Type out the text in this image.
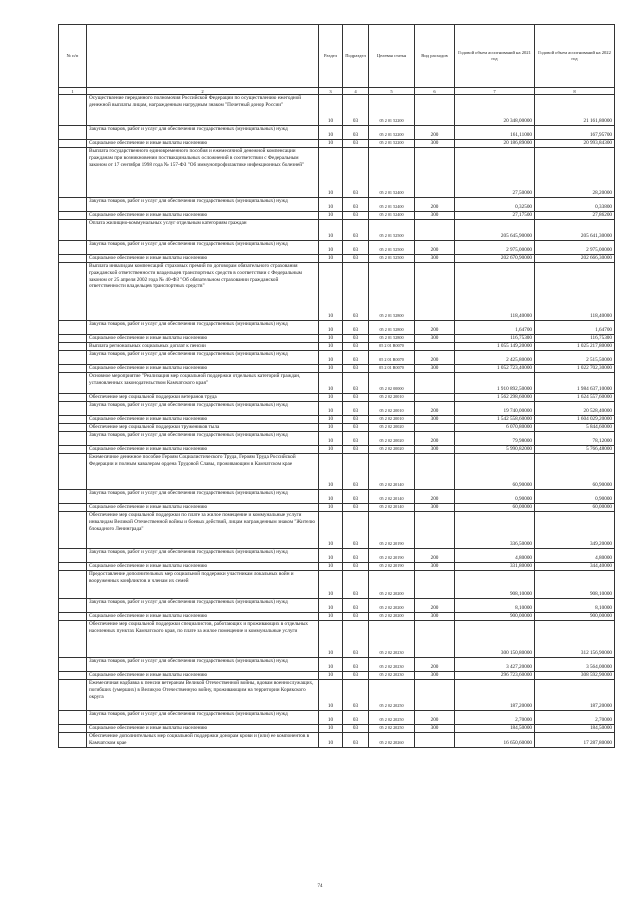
№ п/п		Раздел	Подраздел	Целевая статья	Вид расходов	Годовой объем ассигнований на 2021 год	Годовой объем ассигнований на 2022 год
1	2	3	4	5	6	7	8
	Осуществление переданного полномочия Российской Федерации по осуществлению ежегодной денежной выплаты лицам, награжденным нагрудным знаком "Почетный донор России"	10	03	05 2 01 52200		20 348,00000	21 161,80000
	Закупка товаров, работ и услуг для обеспечения государственных (муниципальных) нужд	10	03	05 2 01 52200	200	161,11000	167,95700
	Социальное обеспечение и иные выплаты населению	10	03	05 2 01 52200	300	20 186,89000	20 993,84300
	Выплата государственного единовременного пособия и ежемесячной денежной компенсации гражданам при возникновении поствакцинальных осложнений в соответствии с Федеральным законом от 17 сентября 1998 года № 157-ФЗ "Об иммунопрофилактике инфекционных болезней"	10	03	05 2 01 52400		27,50000	28,20000
	Закупка товаров, работ и услуг для обеспечения государственных (муниципальных) нужд	10	03	05 2 01 52400	200	0,32500	0,33800
	Социальное обеспечение и иные выплаты населению	10	03	05 2 01 52400	300	27,17500	27,86200
	Оплата жилищно-коммунальных услуг отдельным категориям граждан	10	03	05 2 01 52500		205 645,90000	205 641,30000
	Закупка товаров, работ и услуг для обеспечения государственных (муниципальных) нужд	10	03	05 2 01 52500	200	2 975,00000	2 975,00000
	Социальное обеспечение и иные выплаты населению	10	03	05 2 01 52500	300	202 670,90000	202 666,30000
	Выплата инвалидам компенсаций страховых премий по договорам обязательного страхования гражданской ответственности владельцев транспортных средств в соответствии с Федеральным законом от 25 апреля 2002 года № 40-ФЗ "Об обязательном страховании гражданской ответственности владельцев транспортных средств"	10	03	05 2 01 52800		118,40000	118,40000
	Закупка товаров, работ и услуг для обеспечения государственных (муниципальных) нужд	10	03	05 2 01 52800	200	1,64700	1,64700
	Социальное обеспечение и иные выплаты населению	10	03	05 2 01 52800	300	116,75300	116,75300
	Выплата региональных социальных доплат к пенсии	10	03	05 2 01 R0070		1 055 149,20000	1 025 217,80000
	Закупка товаров, работ и услуг для обеспечения государственных (муниципальных) нужд	10	03	05 2 01 R0070	200	2 425,80000	2 515,50000
	Социальное обеспечение и иные выплаты населению	10	03	05 2 01 R0070	300	1 052 723,40000	1 022 702,30000
	Основное мероприятие "Реализация мер социальной поддержки отдельных категорий граждан, установленных законодательством Камчатского края"	10	03	05 2 02 00000		1 910 892,50000	1 984 637,10000
	Обеспечение мер социальной поддержки ветеранов труда	10	03	05 2 02 20010		1 562 298,60000	1 624 557,60000
	Закупка товаров, работ и услуг для обеспечения государственных (муниципальных) нужд	10	03	05 2 02 20010	200	19 740,00000	20 528,40000
	Социальное обеспечение и иные выплаты населению	10	03	05 2 02 20010	300	1 542 558,60000	1 604 029,20000
	Обеспечение мер социальной поддержки тружеников тыла	10	03	05 2 02 20020		6 070,80000	5 844,60000
	Закупка товаров, работ и услуг для обеспечения государственных (муниципальных) нужд	10	03	05 2 02 20020	200	79,98000	78,12000
	Социальное обеспечение и иные выплаты населению	10	03	05 2 02 20020	300	5 990,82000	5 766,48000
	Ежемесячное денежное пособие Героям Социалистического Труда, Героям Труда Российской Федерации и полным кавалерам ордена Трудовой Славы, проживающим в Камчатском крае	10	03	05 2 02 20140		60,90000	60,90000
	Закупка товаров, работ и услуг для обеспечения государственных (муниципальных) нужд	10	03	05 2 02 20140	200	0,90000	0,90000
	Социальное обеспечение и иные выплаты населению	10	03	05 2 02 20140	300	60,00000	60,00000
	Обеспечение мер социальной поддержки по плате за жилое помещение и коммунальные услуги инвалидам Великой Отечественной войны и боевых действий, лицам награжденным знаком "Жителю блокадного Ленинграда"	10	03	05 2 02 20190		336,50000	349,20000
	Закупка товаров, работ и услуг для обеспечения государственных (муниципальных) нужд	10	03	05 2 02 20190	200	4,80000	4,80000
	Социальное обеспечение и иные выплаты населению	10	03	05 2 02 20190	300	331,80000	344,40000
	Предоставление дополнительных мер социальной поддержки участникам локальных войн и вооруженных конфликтов и членам их семей	10	03	05 2 02 20200		908,10000	908,10000
	Закупка товаров, работ и услуг для обеспечения государственных (муниципальных) нужд	10	03	05 2 02 20200	200	8,10000	8,10000
	Социальное обеспечение и иные выплаты населению	10	03	05 2 02 20200	300	900,00000	900,00000
	Обеспечение мер социальной поддержки специалистов, работающих и проживающих в отдельных населенных пунктах Камчатского края, по плате за жилое помещение и коммунальные услуги	10	03	05 2 02 20230		300 150,80000	312 156,90000
	Закупка товаров, работ и услуг для обеспечения государственных (муниципальных) нужд	10	03	05 2 02 20230	200	3 427,20000	3 564,00000
	Социальное обеспечение и иные выплаты населению	10	03	05 2 02 20230	300	296 723,60000	308 592,90000
	Ежемесячная надбавка к пенсии ветеранам Великой Отечественной войны, вдовам военнослужащих, погибших (умерших) в Великую Отечественную войну, проживающим на территории Корякского округа	10	03	05 2 02 20250		187,20000	187,20000
	Закупка товаров, работ и услуг для обеспечения государственных (муниципальных) нужд	10	03	05 2 02 20250	200	2,70000	2,70000
	Социальное обеспечение и иные выплаты населению	10	03	05 2 02 20250	300	184,50000	184,50000
	Обеспечение дополнительных мер социальной поддержки донорам крови и (или) ее компонентов в Камчатском крае	10	03	05 2 02 20260		16 650,60000	17 287,80000
74
